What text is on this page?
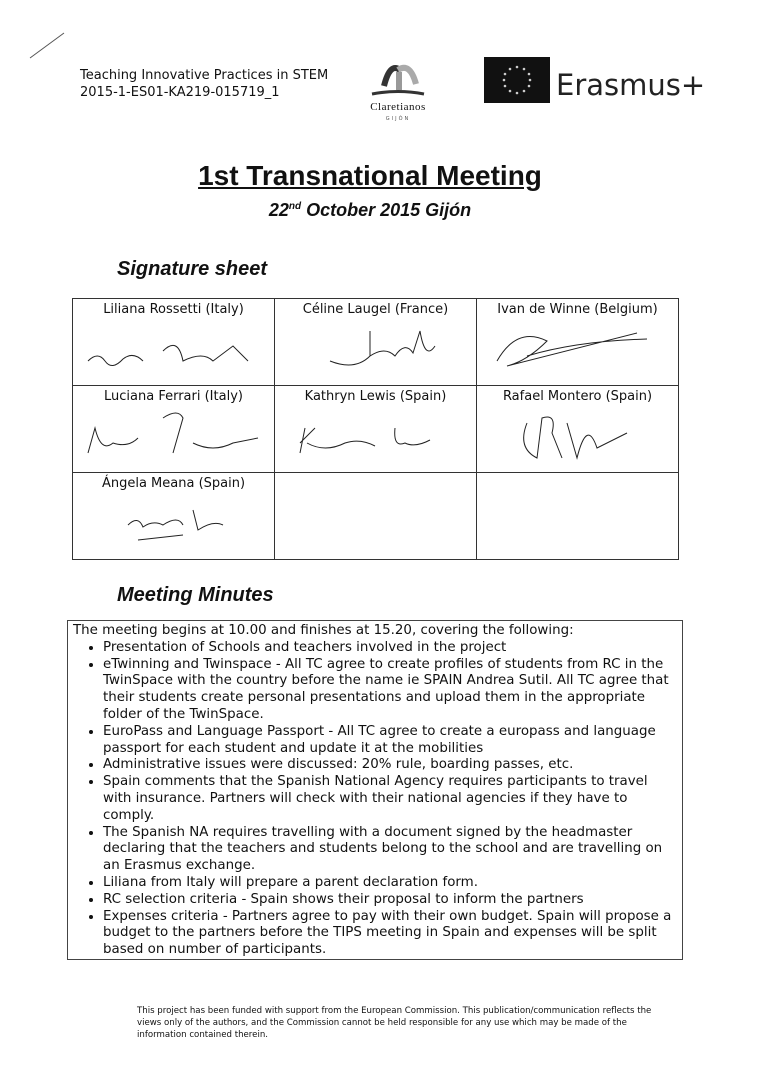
Teaching Innovative Practices in STEM
2015-1-ES01-KA219-015719_1
Claretianos
GIJÓN
Erasmus+
1st Transnational Meeting
22nd October 2015 Gijón
Signature sheet
Liliana Rossetti (Italy)	Céline Laugel (France)	Ivan de Winne (Belgium)

Luciana Ferrari (Italy)	Kathryn Lewis (Spain)	Rafael Montero (Spain)

Ángela Meana (Spain)

Meeting Minutes
The meeting begins at 10.00 and finishes at 15.20, covering the following:
• Presentation of Schools and teachers involved in the project
• eTwinning and Twinspace - All TC agree to create profiles of students from RC in the TwinSpace with the country before the name ie SPAIN Andrea Sutil. All TC agree that their students create personal presentations and upload them in the appropriate folder of the TwinSpace.
• EuroPass and Language Passport - All TC agree to create a europass and language passport for each student and update it at the mobilities
• Administrative issues were discussed: 20% rule, boarding passes, etc.
• Spain comments that the Spanish National Agency requires participants to travel with insurance. Partners will check with their national agencies if they have to comply.
• The Spanish NA requires travelling with a document signed by the headmaster declaring that the teachers and students belong to the school and are travelling on an Erasmus exchange.
• Liliana from Italy will prepare a parent declaration form.
• RC selection criteria - Spain shows their proposal to inform the partners
• Expenses criteria - Partners agree to pay with their own budget. Spain will propose a budget to the partners before the TIPS meeting in Spain and expenses will be split based on number of participants.
This project has been funded with support from the European Commission. This publication/communication reflects the views only of the authors, and the Commission cannot be held responsible for any use which may be made of the information contained therein.
